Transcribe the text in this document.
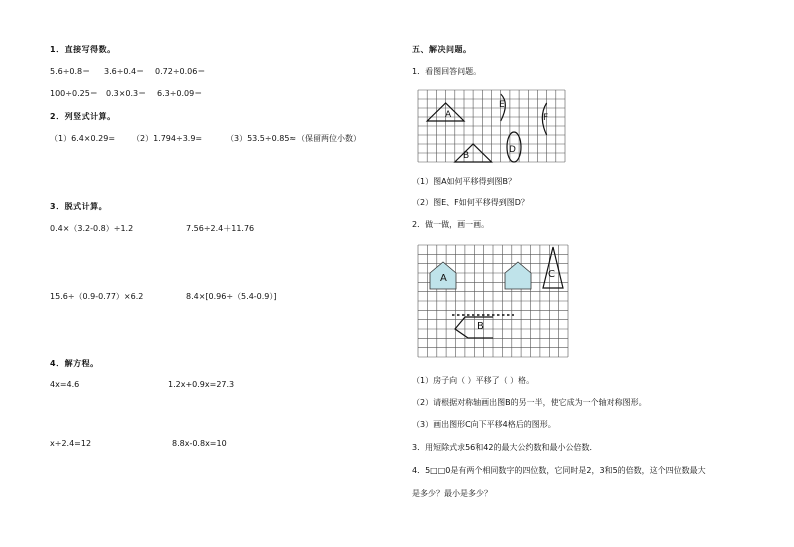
1．直接写得数。
5.6÷0.8＝ 3.6÷0.4＝ 0.72÷0.06＝
100÷0.25＝ 0.3×0.3＝ 6.3÷0.09＝
2．列竖式计算。
（1）6.4×0.29= （2）1.794÷3.9=	（3）53.5÷0.85≈ （保留两位小数）
3．脱式计算。
0.4×（3.2-0.8）÷1.2	7.56÷2.4＋11.76
15.6÷（0.9-0.77）×6.2	8.4×[0.96÷（5.4-0.9）]
4．解方程。
4x=4.6	1.2x+0.9x=27.3
x÷2.4=12	8.8x-0.8x=10
五、解决问题。
1．看图回答问题。
A
B
D
E
F
（1）图A如何平移得到图B？
（2）图E、F如何平移得到图D？
2．做一做，画一画。
A
B
C
（1）房子向（ ）平移了（ ）格。
（2）请根据对称轴画出图B的另一半，使它成为一个轴对称图形。
（3）画出图形C向下平移4格后的图形。
3．用短除式求56和42的最大公约数和最小公倍数．
4．5□□0是有两个相同数字的四位数，它同时是2，3和5的倍数，这个四位数最大
是多少？最小是多少？
